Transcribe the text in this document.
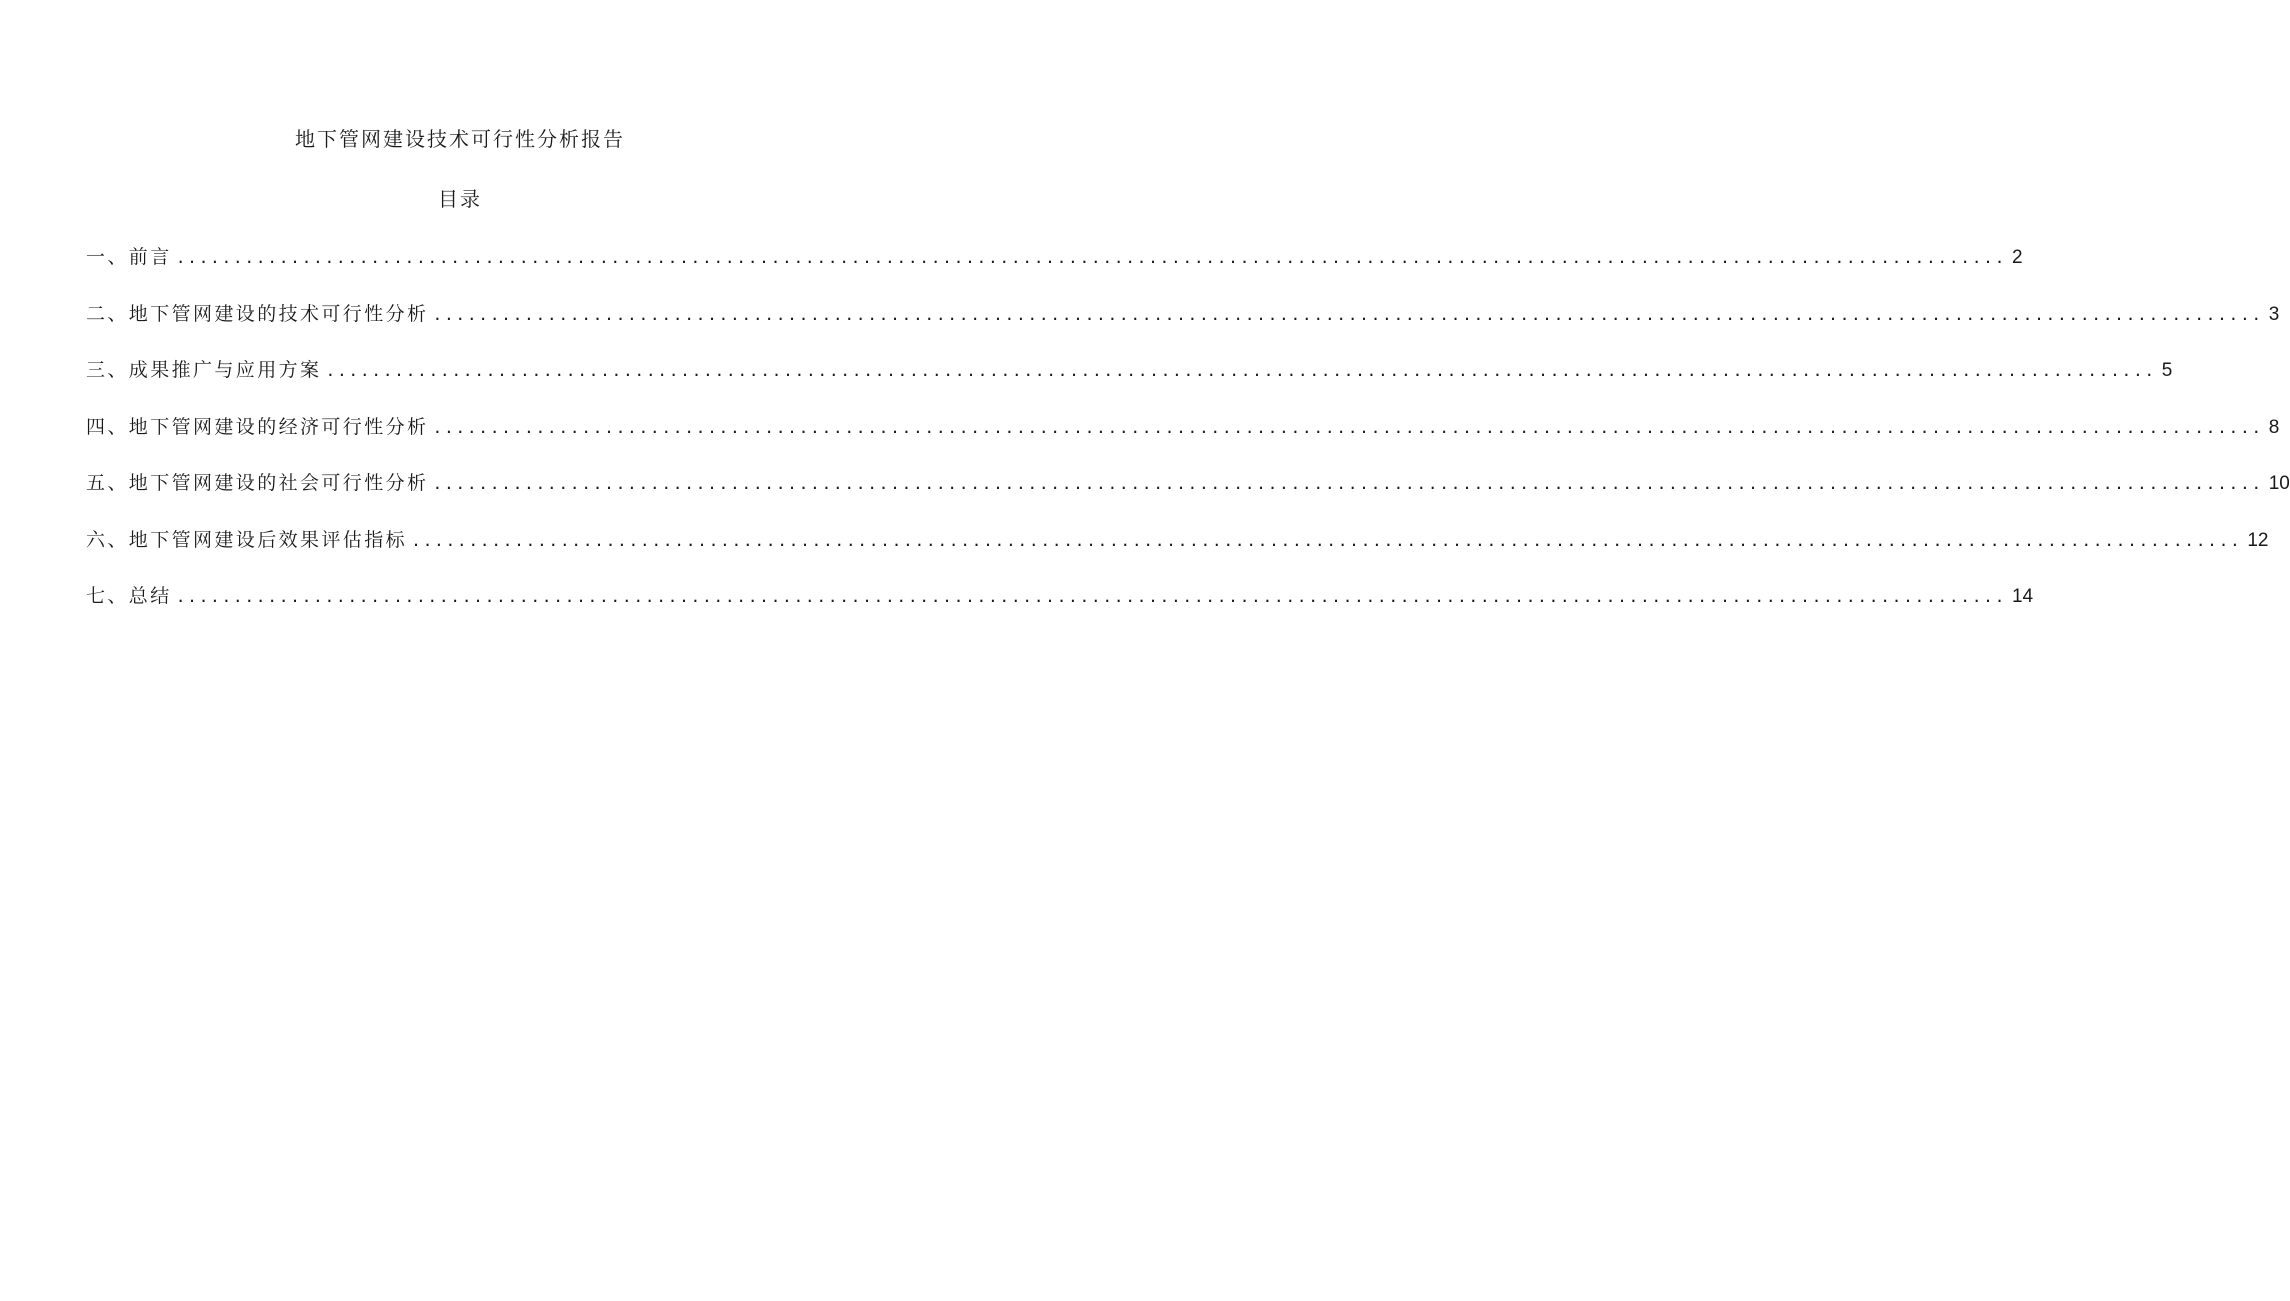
地下管网建设技术可行性分析报告
目录
一、前言 ................................................................................................................................................................ 2
二、地下管网建设的技术可行性分析 ................................................................................................................................................................ 3
三、成果推广与应用方案 ................................................................................................................................................................ 5
四、地下管网建设的经济可行性分析 ................................................................................................................................................................ 8
五、地下管网建设的社会可行性分析 ................................................................................................................................................................ 10
六、地下管网建设后效果评估指标 ................................................................................................................................................................ 12
七、总结 ................................................................................................................................................................ 14
